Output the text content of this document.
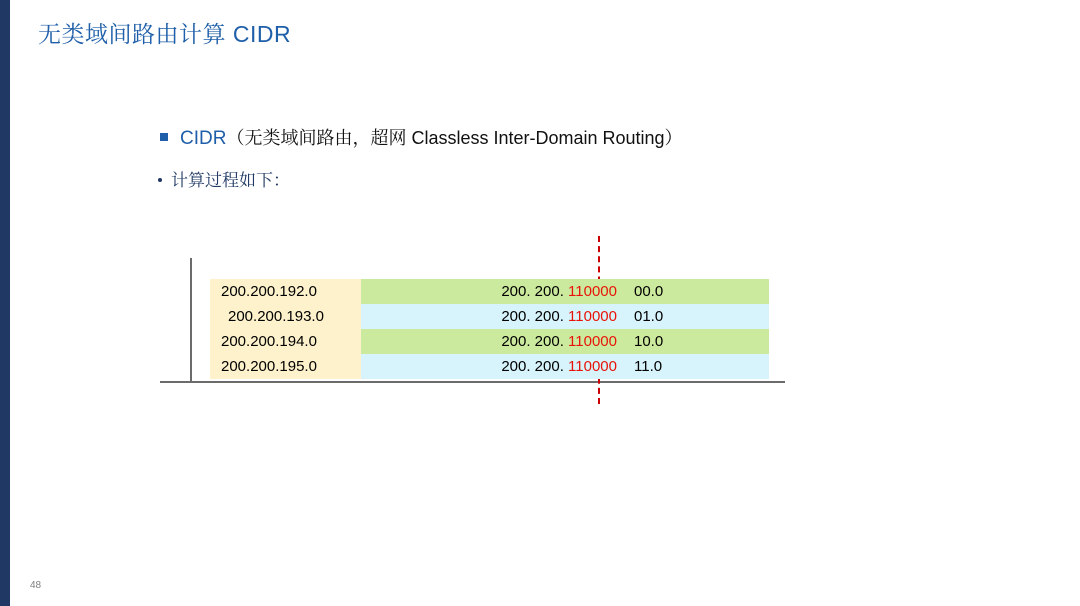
无类域间路由计算 CIDR
CIDR （无类域间路由，超网 Classless Inter-Domain Routing）
计算过程如下：
200.200.192.0	200. 200. 110000	00.0
200.200.193.0	200. 200. 110000	01.0
200.200.194.0	200. 200. 110000	10.0
200.200.195.0	200. 200. 110000	11.0
48
